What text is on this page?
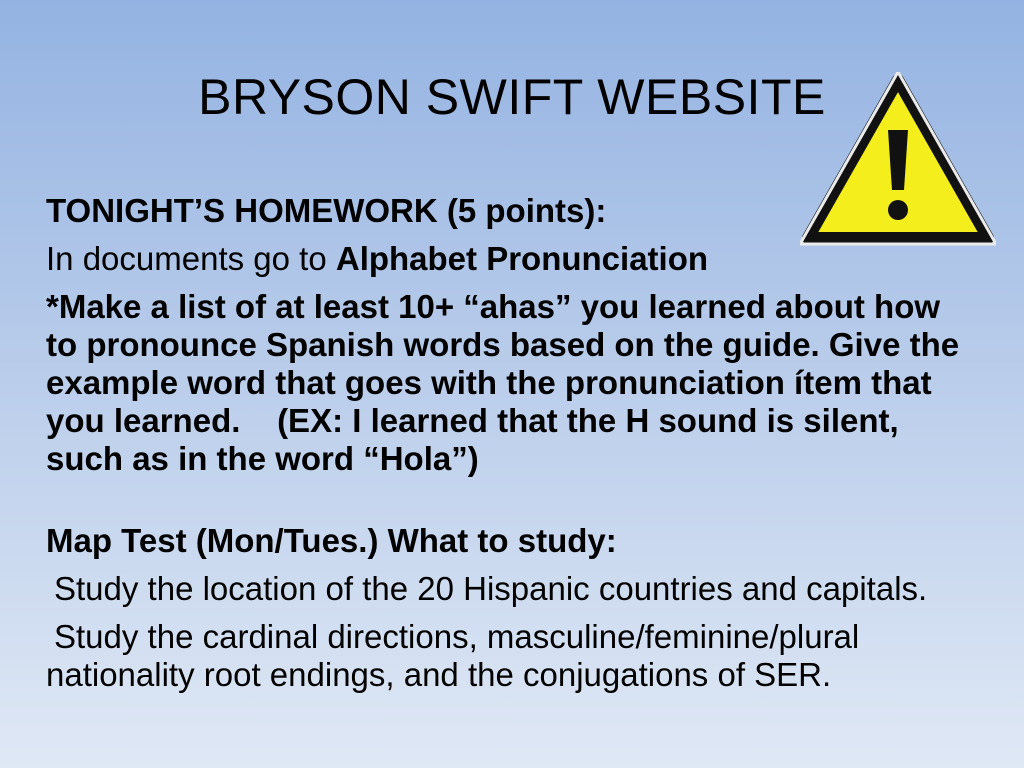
BRYSON SWIFT WEBSITE

TONIGHT’S HOMEWORK (5 points):

In documents go to Alphabet Pronunciation

*Make a list of at least 10+ “ahas” you learned about how to pronounce Spanish words based on the guide. Give the example word that goes with the pronunciation ítem that you learned.    (EX: I learned that the H sound is silent, such as in the word “Hola”)

Map Test (Mon/Tues.) What to study:

Study the location of the 20 Hispanic countries and capitals.

Study the cardinal directions, masculine/feminine/plural nationality root endings, and the conjugations of SER.
